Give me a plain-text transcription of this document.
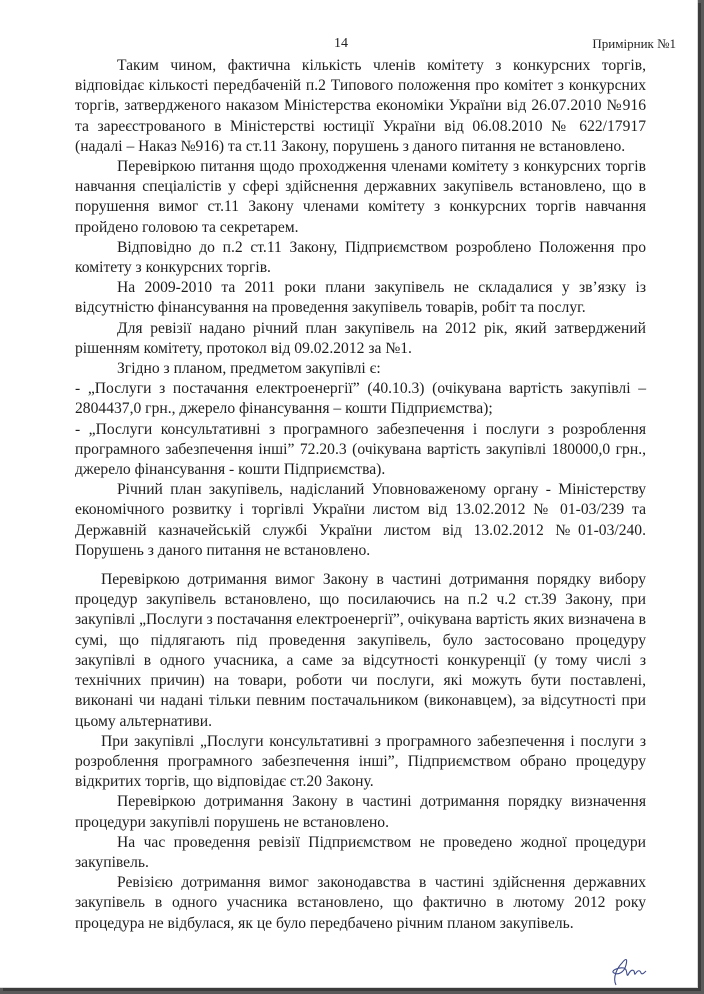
14	Примірник №1

Таким чином, фактична кількість членів комітету з конкурсних торгів, відповідає кількості передбаченій п.2 Типового положення про комітет з конкурсних торгів, затвердженого наказом Міністерства економіки України від 26.07.2010 №916 та зареєстрованого в Міністерстві юстиції України від 06.08.2010 № 622/17917 (надалі – Наказ №916) та ст.11 Закону, порушень з даного питання не встановлено.

Перевіркою питання щодо проходження членами комітету з конкурсних торгів навчання спеціалістів у сфері здійснення державних закупівель встановлено, що в порушення вимог ст.11 Закону членами комітету з конкурсних торгів навчання пройдено головою та секретарем.

Відповідно до п.2 ст.11 Закону, Підприємством розроблено Положення про комітету з конкурсних торгів.

На 2009-2010 та 2011 роки плани закупівель не складалися у зв’язку із відсутністю фінансування на проведення закупівель товарів, робіт та послуг.

Для ревізії надано річний план закупівель на 2012 рік, який затверджений рішенням комітету, протокол від 09.02.2012 за №1.

Згідно з планом, предметом закупівлі є:

- „Послуги з постачання електроенергії” (40.10.3) (очікувана вартість закупівлі – 2804437,0 грн., джерело фінансування – кошти Підприємства);

- „Послуги консультативні з програмного забезпечення і послуги з розроблення програмного забезпечення інші” 72.20.3 (очікувана вартість закупівлі 180000,0 грн., джерело фінансування - кошти Підприємства).

Річний план закупівель, надісланий Уповноваженому органу - Міністерству економічного розвитку і торгівлі України листом від 13.02.2012 № 01-03/239 та Державній казначейській службі України листом від 13.02.2012 №01-03/240. Порушень з даного питання не встановлено.

Перевіркою дотримання вимог Закону в частині дотримання порядку вибору процедур закупівель встановлено, що посилаючись на п.2 ч.2 ст.39 Закону, при закупівлі „Послуги з постачання електроенергії”, очікувана вартість яких визначена в сумі, що підлягають під проведення закупівель, було застосовано процедуру закупівлі в одного учасника, а саме за відсутності конкуренції (у тому числі з технічних причин) на товари, роботи чи послуги, які можуть бути поставлені, виконані чи надані тільки певним постачальником (виконавцем), за відсутності при цьому альтернативи.

При закупівлі „Послуги консультативні з програмного забезпечення і послуги з розроблення програмного забезпечення інші”, Підприємством обрано процедуру відкритих торгів, що відповідає ст.20 Закону.

Перевіркою дотримання Закону в частині дотримання порядку визначення процедури закупівлі порушень не встановлено.

На час проведення ревізії Підприємством не проведено жодної процедури закупівель.

Ревізією дотримання вимог законодавства в частині здійснення державних закупівель в одного учасника встановлено, що фактично в лютому 2012 року процедура не відбулася, як це було передбачено річним планом закупівель.
